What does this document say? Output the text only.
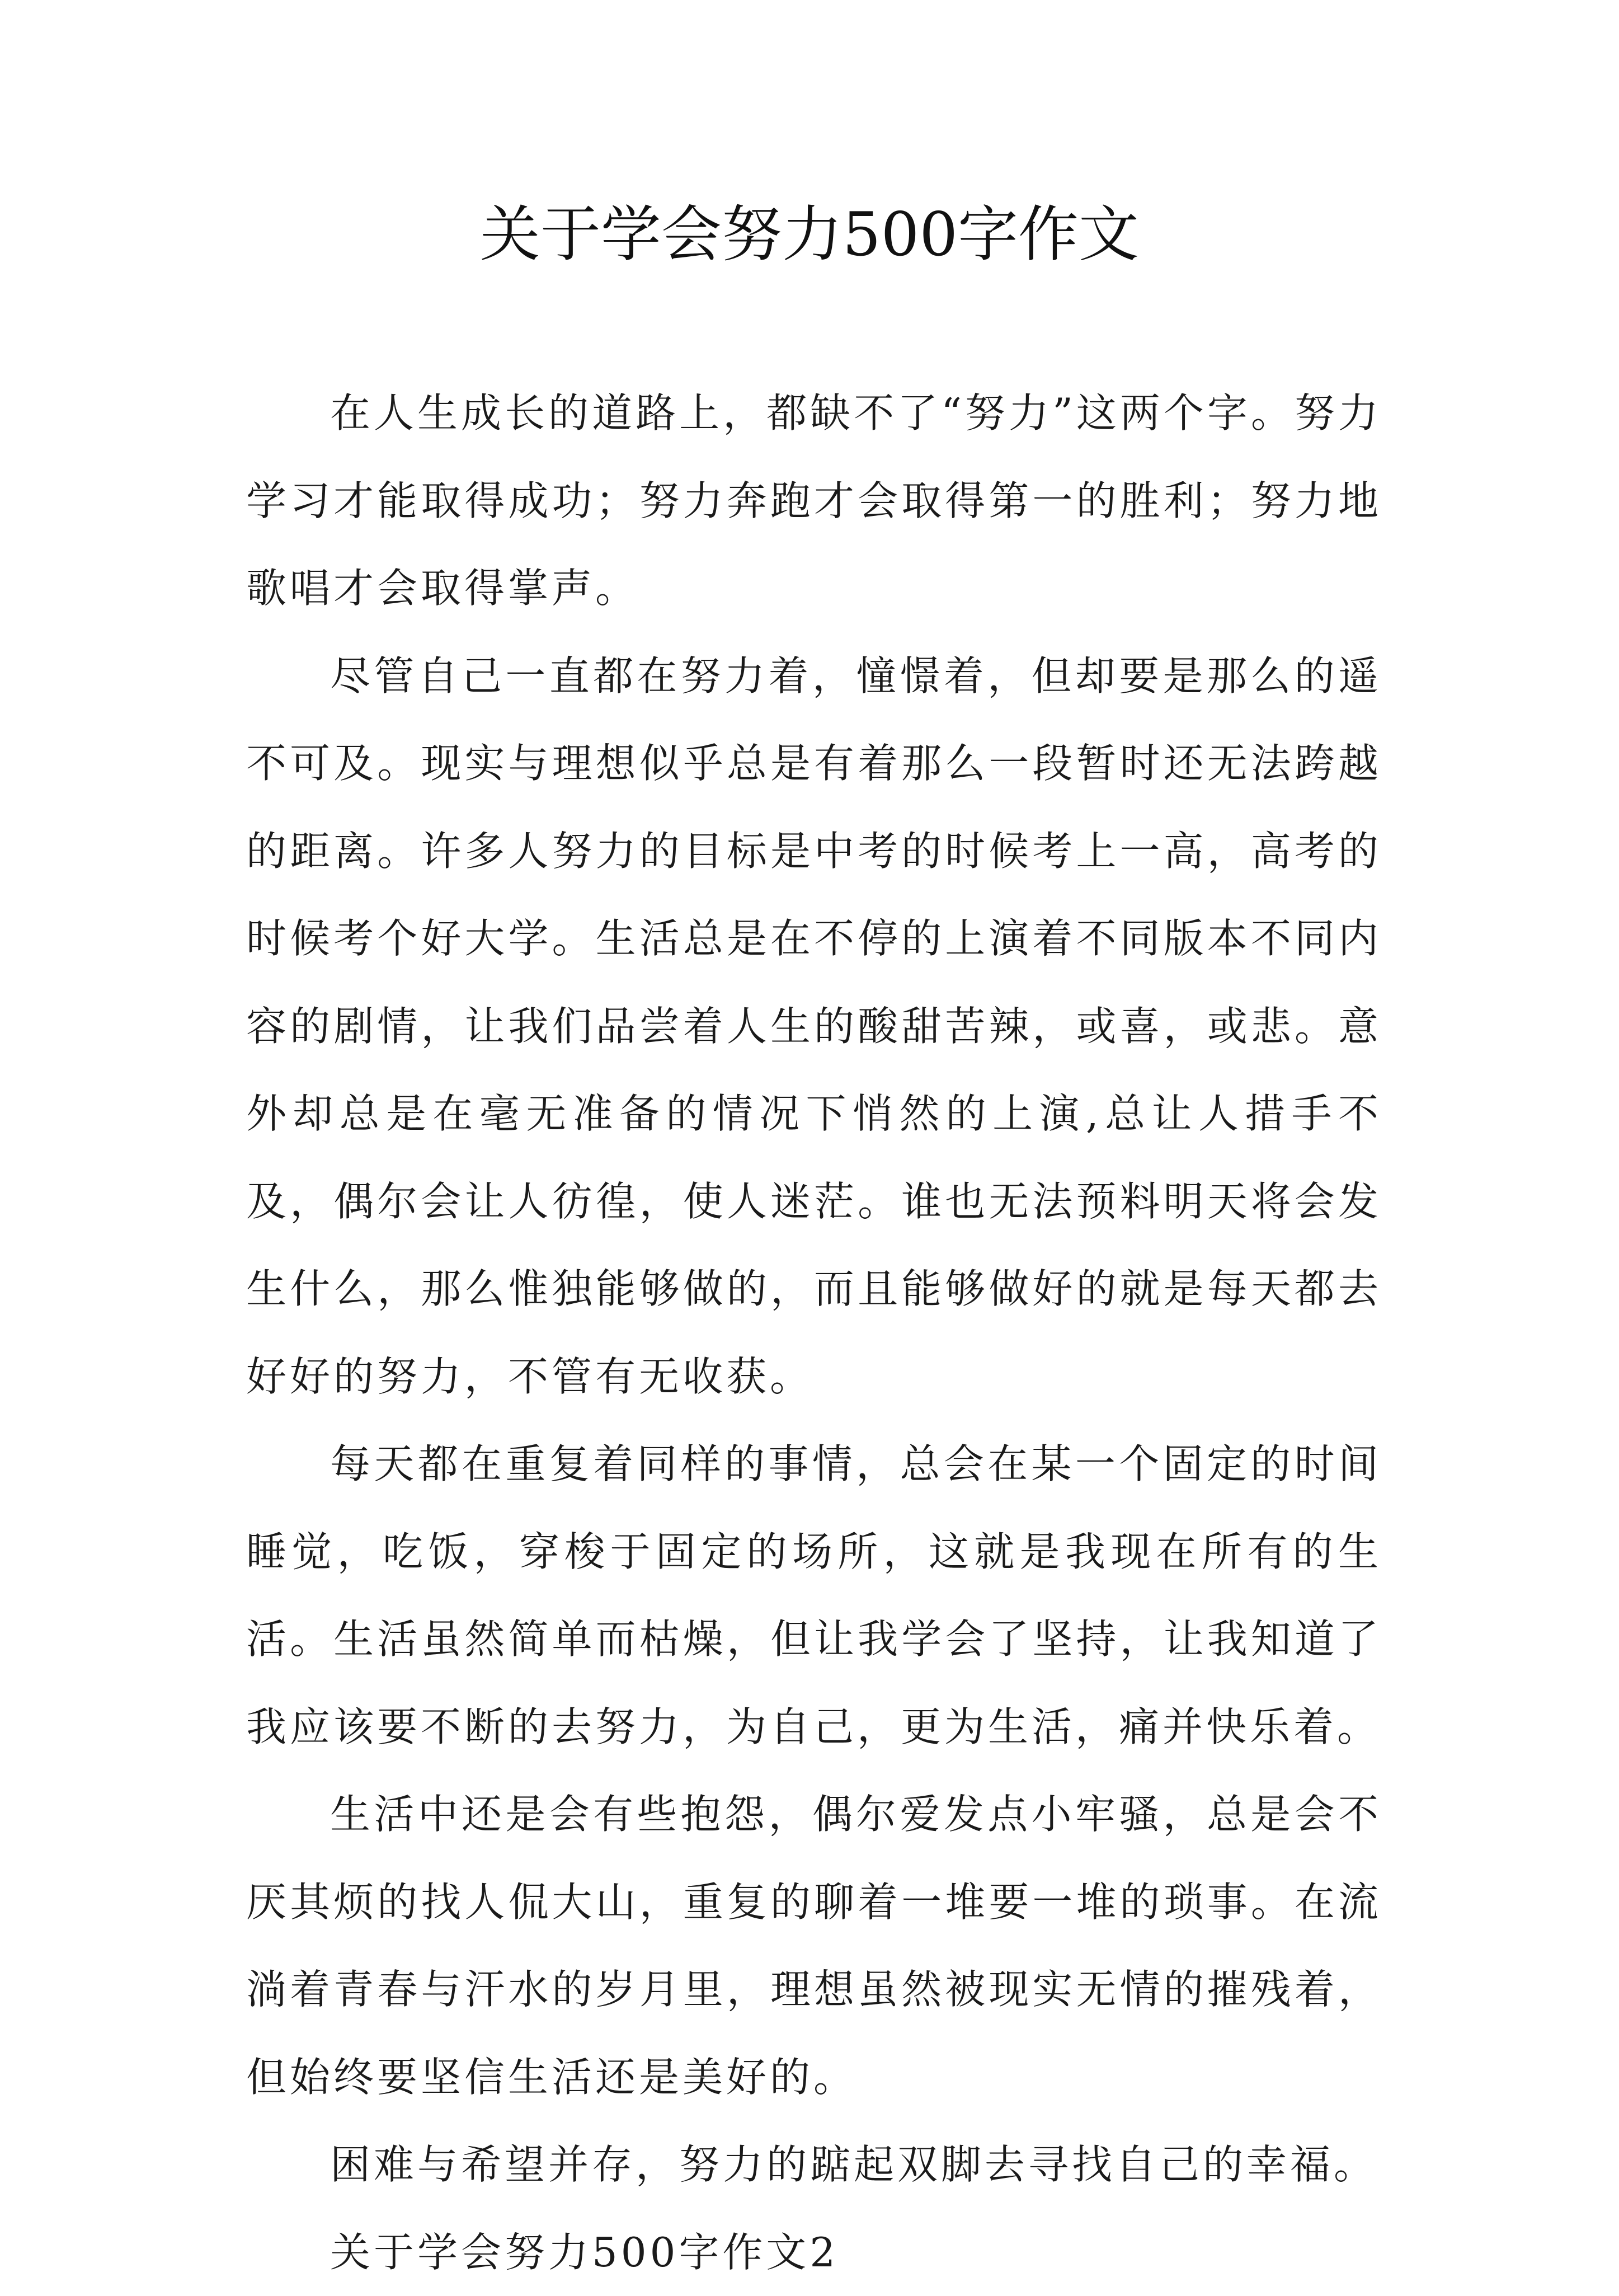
关于学会努力500字作文

在人生成长的道路上，都缺不了“努力”这两个字。努力学习才能取得成功；努力奔跑才会取得第一的胜利；努力地歌唱才会取得掌声。

尽管自己一直都在努力着，憧憬着，但却要是那么的遥不可及。现实与理想似乎总是有着那么一段暂时还无法跨越的距离。许多人努力的目标是中考的时候考上一高，高考的时候考个好大学。生活总是在不停的上演着不同版本不同内容的剧情，让我们品尝着人生的酸甜苦辣，或喜，或悲。意外却总是在毫无准备的情况下悄然的上演,总让人措手不及，偶尔会让人彷徨，使人迷茫。谁也无法预料明天将会发生什么，那么惟独能够做的，而且能够做好的就是每天都去好好的努力，不管有无收获。

每天都在重复着同样的事情，总会在某一个固定的时间睡觉，吃饭，穿梭于固定的场所，这就是我现在所有的生活。生活虽然简单而枯燥，但让我学会了坚持，让我知道了我应该要不断的去努力，为自己，更为生活，痛并快乐着。

生活中还是会有些抱怨，偶尔爱发点小牢骚，总是会不厌其烦的找人侃大山，重复的聊着一堆要一堆的琐事。在流淌着青春与汗水的岁月里，理想虽然被现实无情的摧残着，但始终要坚信生活还是美好的。

困难与希望并存，努力的踮起双脚去寻找自己的幸福。

关于学会努力500字作文2
